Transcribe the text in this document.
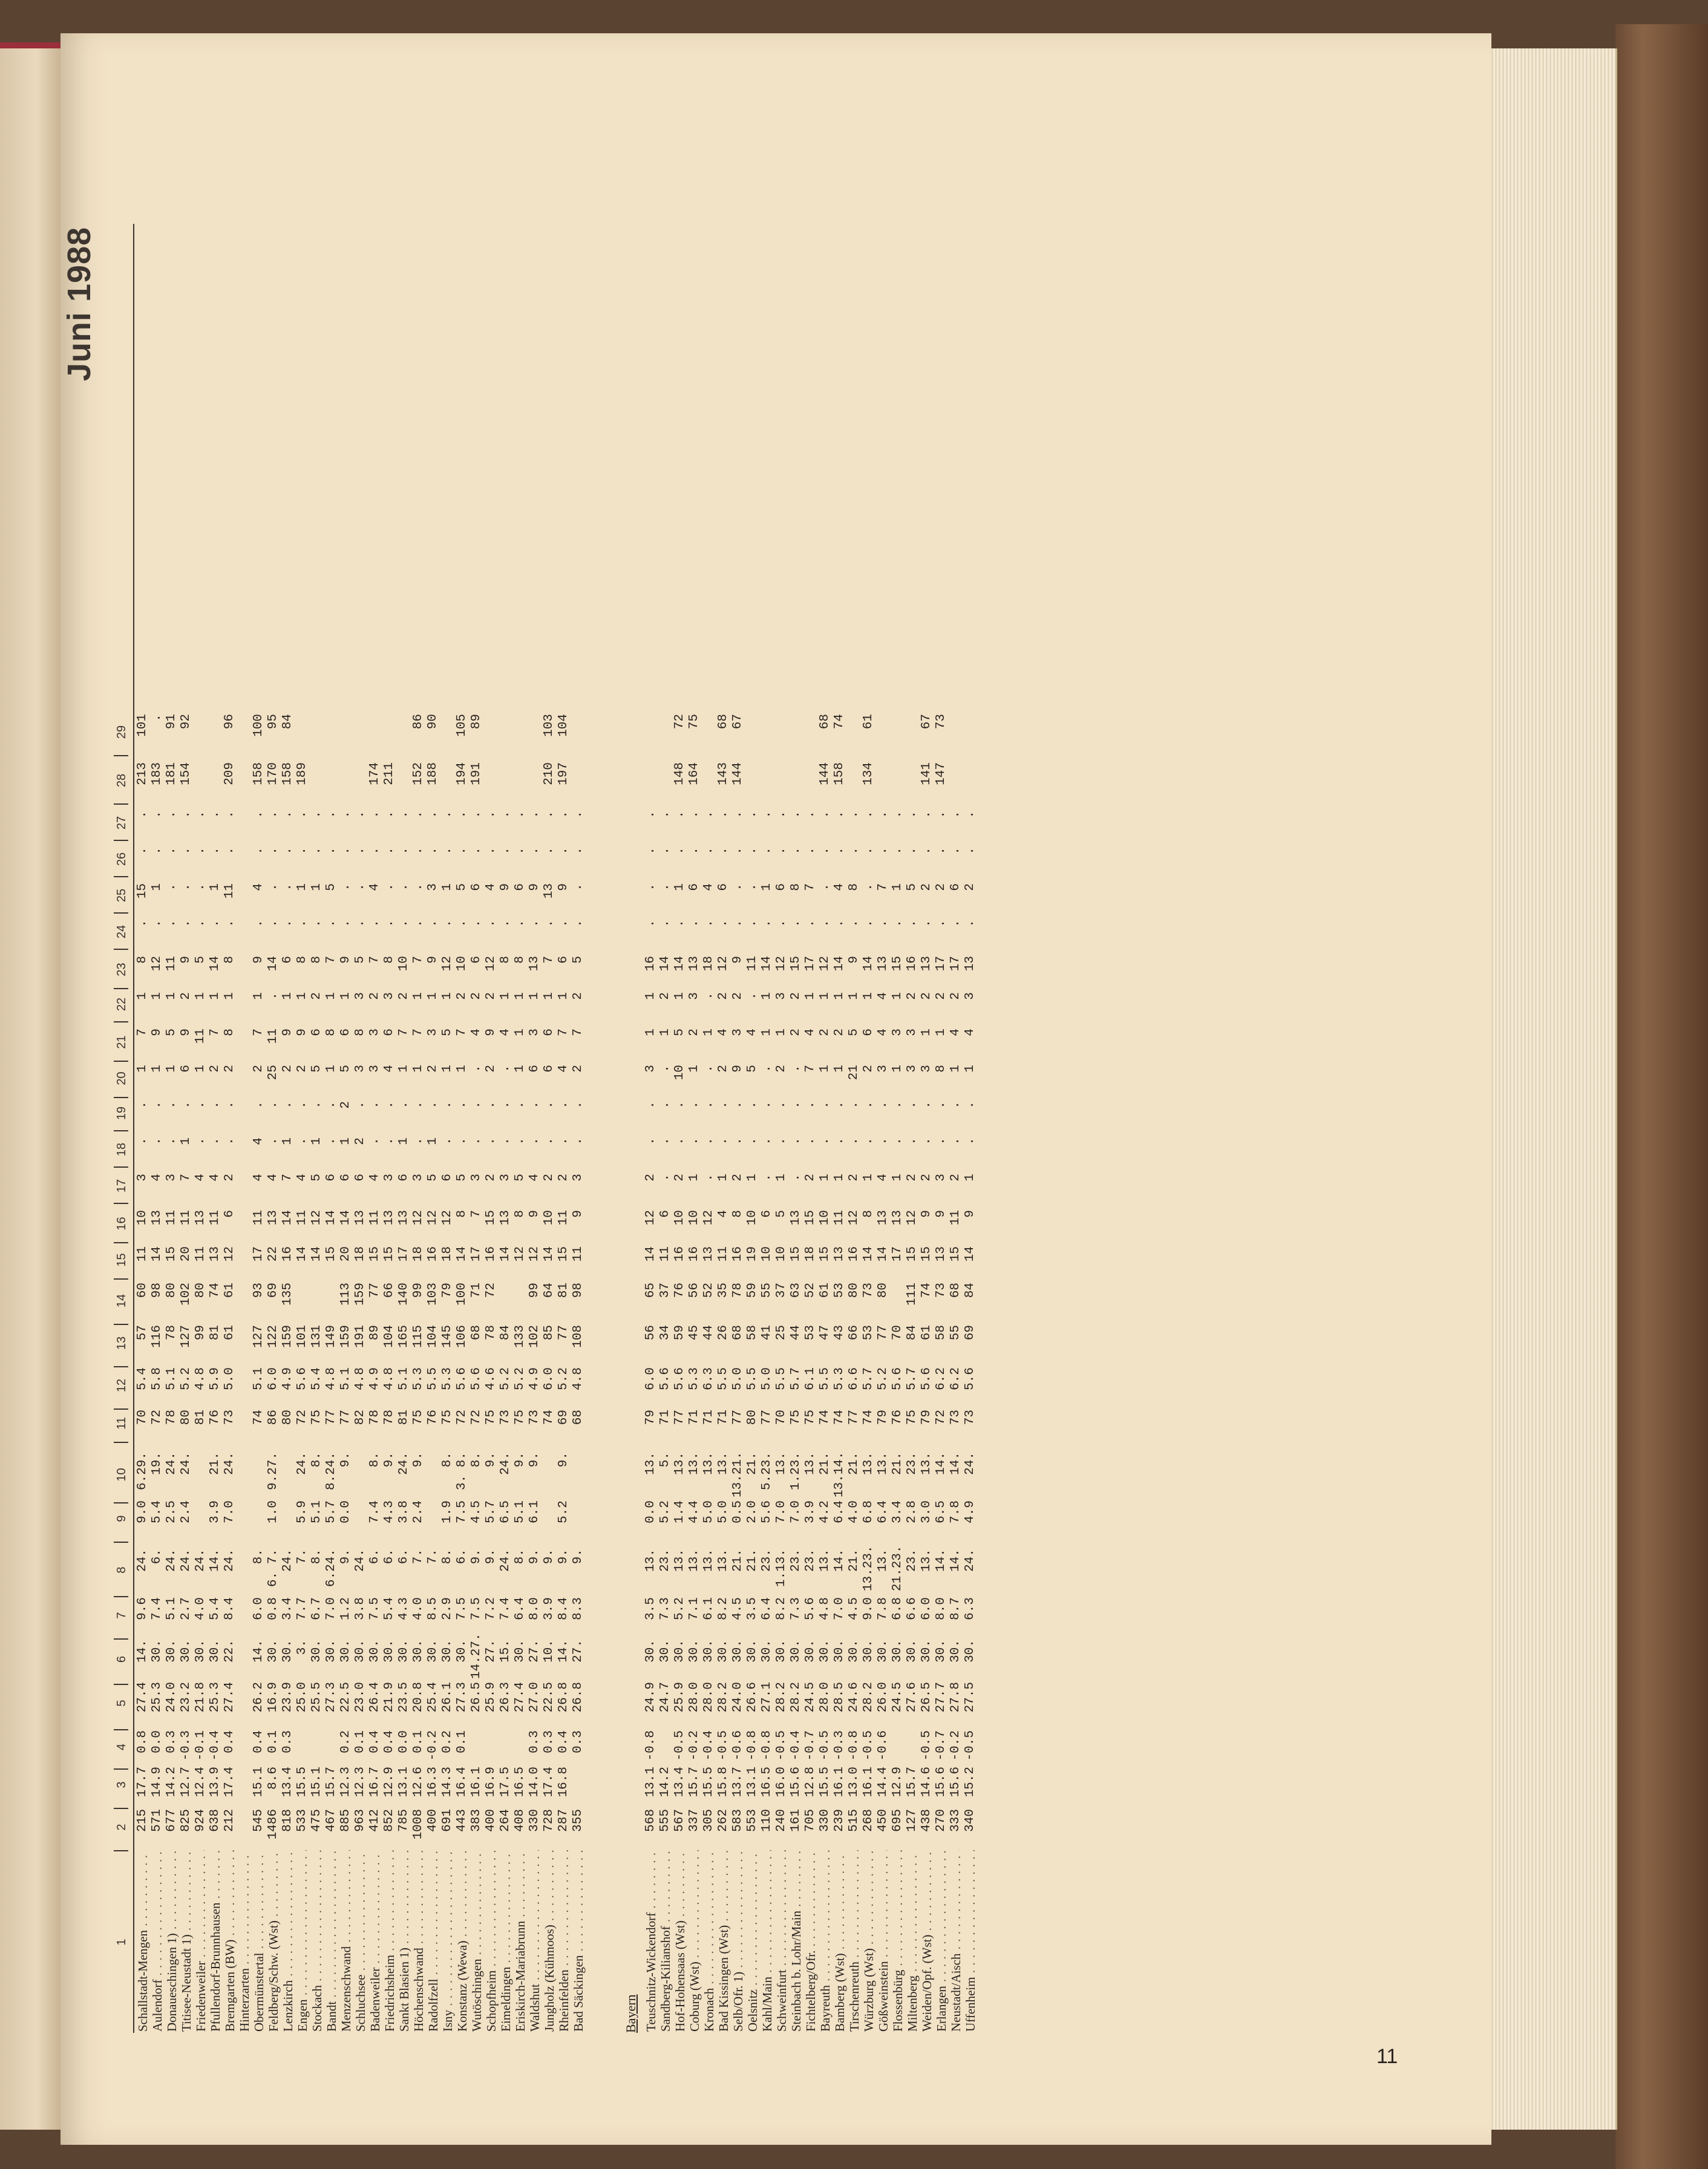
Juni 1988
1
2
3
4
5
6
7
8
9
10
11
12
13
14
15
16
17
18
19
20
21
22
23
24
25
26
27
28
29
Schallstadt-Mengen . . .
215
17.7
0.8
27.4
14.
9.6
24.
9.0
6.29.
70
5.4
57
60
11
10
3
.
.
1
7
1
8
.
15
.
.
213
101
Aulendorf . . .
571
14.9
0.0
25.3
30.
7.4
6.
5.4
19.
72
5.8
116
98
14
13
4
.
.
1
9
1
12
.
1
.
.
183
.
Donaueschingen 1) . . .
677
14.2
0.3
24.0
30.
5.1
24.
2.5
24.
78
5.1
78
80
15
11
3
.
.
1
5
1
11
.
.
.
.
181
91
Titisee-Neustadt 1) . . .
825
12.7
-0.3
23.2
30.
2.7
24.
2.4
24.
80
5.2
127
102
20
11
7
1
.
6
9
2
9
.
.
.
.
154
92
Friedenweiler . . .
924
12.4
-0.1
21.8
30.
4.0
24.
81
4.8
99
80
11
13
4
.
.
1
11
1
5
.
.
.
.
Pfullendorf-Brunnhausen . . .
638
13.9
-0.4
25.3
30.
5.4
14.
3.9
21.
76
5.9
81
74
13
11
4
.
.
2
7
1
14
.
1
.
.
Bremgarten (BW) . . .
212
17.4
0.4
27.4
22.
8.4
24.
7.0
24.
73
5.0
61
61
12
6
2
.
.
2
8
1
8
.
11
.
.
209
96
Hinterzarten . . . Obermünstertal . . .
545
15.1
0.4
26.2
14.
6.0
8.
74
5.1
127
93
17
11
4
4
.
2
7
1
9
.
4
.
.
158
100
Feldberg/Schw. (Wst) . . .
1486
8.6
0.1
16.9
30.
0.8
6. 7.
1.0
9.27.
86
6.0
122
69
22
13
4
.
.
25
11
.
14
.
.
.
.
170
95
Lenzkirch . . .
818
13.4
0.3
23.9
30.
3.4
24.
80
4.9
159
135
16
14
7
1
.
2
9
1
6
.
.
.
.
158
84
Engen . . .
533
15.5
25.0
3.
7.7
7.
5.9
24.
72
5.6
101
14
11
4
.
.
2
9
1
8
.
1
.
.
189
Stockach . . .
475
15.1
25.5
30.
6.7
8.
5.1
8.
75
5.4
131
14
12
5
1
.
5
6
2
8
.
1
.
.
Bandt . . .
467
15.7
27.3
30.
7.0
6.24.
5.7
8.24.
77
4.8
149
15
14
6
.
.
1
8
1
7
.
5
.
.
Menzenschwand . . .
885
12.3
0.2
22.5
30.
1.2
9.
0.0
9.
77
5.1
159
113
20
14
6
1
2
5
6
1
9
.
.
.
.
Schluchsee . . .
963
12.3
0.1
23.0
30.
3.8
24.
82
4.8
191
159
18
13
6
2
.
3
8
3
5
.
.
.
.
Badenweiler . . .
412
16.7
0.4
26.4
30.
7.5
6.
7.4
8.
78
4.9
89
77
15
11
4
.
.
3
3
2
7
.
4
.
.
174
Friedrichsheim . . .
852
12.9
0.4
21.9
30.
5.4
6.
4.3
9.
78
4.8
104
66
15
13
3
.
.
4
6
3
8
.
.
.
.
211
Sankt Blasien 1) . . .
785
13.1
0.0
23.5
30.
4.3
6.
3.8
24.
81
5.1
165
140
17
13
6
1
.
1
7
2
10
.
.
.
.
Höchenschwand . . .
1008
12.6
0.1
20.8
30.
4.0
7.
2.4
9.
75
5.3
115
99
18
12
3
.
.
1
7
1
7
.
.
.
.
152
86
Radolfzell . . .
400
16.3
-0.2
25.4
30.
8.5
7.
76
5.5
104
103
16
12
5
1
.
2
3
1
9
.
3
.
.
188
90
Isny . . .
691
14.3
0.2
26.1
30.
2.9
8.
1.9
8.
75
5.3
145
79
18
12
6
.
.
1
5
1
12
.
1
.
.
Konstanz (Wewa) . . .
443
16.4
0.1
27.3
30.
7.5
6.
7.5
3. 8.
72
5.6
106
100
14
8
5
.
.
1
7
2
10
.
5
.
.
194
105
Wutöschingen . . .
383
16.1
26.5
14.27.
7.5
9.
4.5
8.
72
5.6
68
71
17
7
3
.
.
.
4
2
6
.
6
.
.
191
89
Schopfheim . . .
400
16.9
25.9
27.
7.2
9.
5.7
9.
75
4.6
78
72
16
15
2
.
.
2
9
2
12
.
4
.
.
Eimeldingen . . .
264
17.5
26.3
15.
7.4
24.
6.5
24.
73
5.2
84
14
13
3
.
.
.
4
1
8
.
9
.
.
Eriskirch-Mariabrunn . . .
408
16.5
27.4
30.
6.4
8.
5.1
9.
75
5.2
133
12
8
5
.
.
1
1
1
8
.
6
.
.
Waldshut . . .
330
14.0
0.3
27.0
27.
8.0
9.
6.1
9.
73
4.9
102
99
12
9
4
.
.
6
3
1
13
.
9
.
.
Jungholz (Kühmoos) . . .
728
17.4
0.3
22.5
10.
3.9
9.
74
6.0
85
64
14
10
2
.
.
6
6
1
7
.
13
.
.
210
103
Rheinfelden . . .
287
16.8
0.4
26.8
14.
8.4
9.
5.2
9.
69
5.2
77
81
15
11
2
.
.
4
7
1
6
.
9
.
.
197
104
Bad Säckingen . . .
355
0.3
26.8
27.
8.3
9.
68
4.8
108
98
11
9
3
.
.
2
7
2
5
.
.
.
.
Bayern Teuschnitz-Wickendorf . . .
568
13.1
-0.8
24.9
30.
3.5
13.
0.0
13.
79
6.0
56
65
14
12
2
.
.
3
1
1
16
.
.
.
.
Sandberg-Kilianshof . . .
555
14.2
24.7
30.
7.3
23.
5.2
5.
71
5.6
34
37
11
6
.
.
.
.
1
2
14
.
.
.
.
Hof-Hohensaas (Wst) . . .
567
13.4
-0.5
25.9
30.
5.2
13.
1.4
13.
77
5.6
59
76
16
10
2
.
.
10
5
1
14
.
1
.
.
148
72
Coburg (Wst) . . .
337
15.7
-0.2
28.0
30.
7.1
13.
4.4
13.
71
5.3
45
56
16
10
1
.
.
1
2
3
13
.
6
.
.
164
75
Kronach . . .
305
15.5
-0.4
28.0
30.
6.1
13.
5.0
13.
71
6.3
44
52
13
12
.
.
.
.
1
.
18
.
4
.
.
Bad Kissingen (Wst) . . .
262
15.8
-0.5
28.2
30.
8.2
13.
5.0
13.
71
5.5
26
35
11
4
1
.
.
2
4
2
12
.
6
.
.
143
68
Selb/Ofr. 1) . . .
583
13.7
-0.6
24.0
30.
4.5
21.
0.5
13.21.
77
5.0
68
78
16
8
2
.
.
9
3
2
9
.
.
.
.
144
67
Oelsnitz . . .
553
13.1
-0.8
26.6
30.
3.5
21.
2.0
21.
80
5.5
58
59
19
10
1
.
.
5
4
.
11
.
.
.
.
Kahl/Main . . .
110
16.5
-0.8
27.1
30.
6.4
23.
5.6
5.23.
77
5.0
41
55
10
6
.
.
.
.
1
1
14
.
1
.
.
Schweinfurt . . .
240
16.0
-0.5
28.2
30.
8.2
1.13.
7.0
13.
70
5.5
25
37
10
5
1
.
.
2
1
3
12
.
6
.
.
Steinbach b. Lohr/Main . . .
161
15.6
-0.4
28.2
30.
7.3
23.
7.0
1.23.
75
5.7
44
63
15
13
.
.
.
.
2
2
15
.
8
.
.
Fichtelberg/Ofr. . . .
705
12.8
-0.7
24.5
30.
5.6
23.
3.9
13.
75
6.1
53
52
18
15
2
.
.
7
4
1
17
.
7
.
.
Bayreuth . . .
330
15.5
-0.5
28.0
30.
4.8
13.
4.2
21.
74
5.5
47
61
15
10
1
.
.
1
2
1
12
.
.
.
.
144
68
Bamberg (Wst) . . .
239
16.1
-0.3
28.5
30.
7.0
14.
6.4
13.14.
74
5.3
43
53
13
11
1
.
.
1
2
1
14
.
4
.
.
158
74
Tirschenreuth . . .
515
13.0
-0.8
24.6
30.
4.5
21.
4.0
21.
77
6.6
66
80
16
12
2
.
.
21
5
1
9
.
8
.
.
Würzburg (Wst) . . .
268
16.1
-0.5
28.2
30.
9.0
13.23.
6.8
13.
74
5.7
53
73
14
8
1
.
.
2
6
1
14
.
.
.
.
134
61
Gößweinstein . . .
450
14.4
-0.6
26.0
30.
7.8
13.
6.4
13.
79
5.2
77
80
14
13
4
.
.
3
4
4
13
.
7
.
.
Flossenbürg . . .
695
12.9
24.5
30.
6.8
21.23.
3.4
21.
76
5.6
70
17
13
1
.
.
1
3
1
15
.
1
.
.
Miltenberg . . .
127
15.7
27.6
30.
6.6
23.
2.8
23.
75
5.7
84
111
15
12
2
.
.
3
3
2
16
.
5
.
.
Weiden/Opf. (Wst) . . .
438
14.6
-0.5
26.5
30.
6.0
13.
3.0
13.
79
5.6
61
74
15
9
2
.
.
3
1
2
13
.
2
.
.
141
67
Erlangen . . .
270
15.6
-0.7
27.7
30.
8.0
14.
6.5
14.
72
6.2
58
73
13
9
3
.
.
8
1
2
17
.
2
.
.
147
73
Neustadt/Aisch . . .
333
15.6
-0.2
27.8
30.
8.7
14.
7.8
14.
73
6.2
55
68
15
11
2
.
.
1
4
2
17
.
6
.
.
Uffenheim . . .
340
15.2
-0.5
27.5
30.
6.3
24.
4.9
24.
73
5.6
69
84
14
9
1
.
.
1
4
3
13
.
2
.
.
11
